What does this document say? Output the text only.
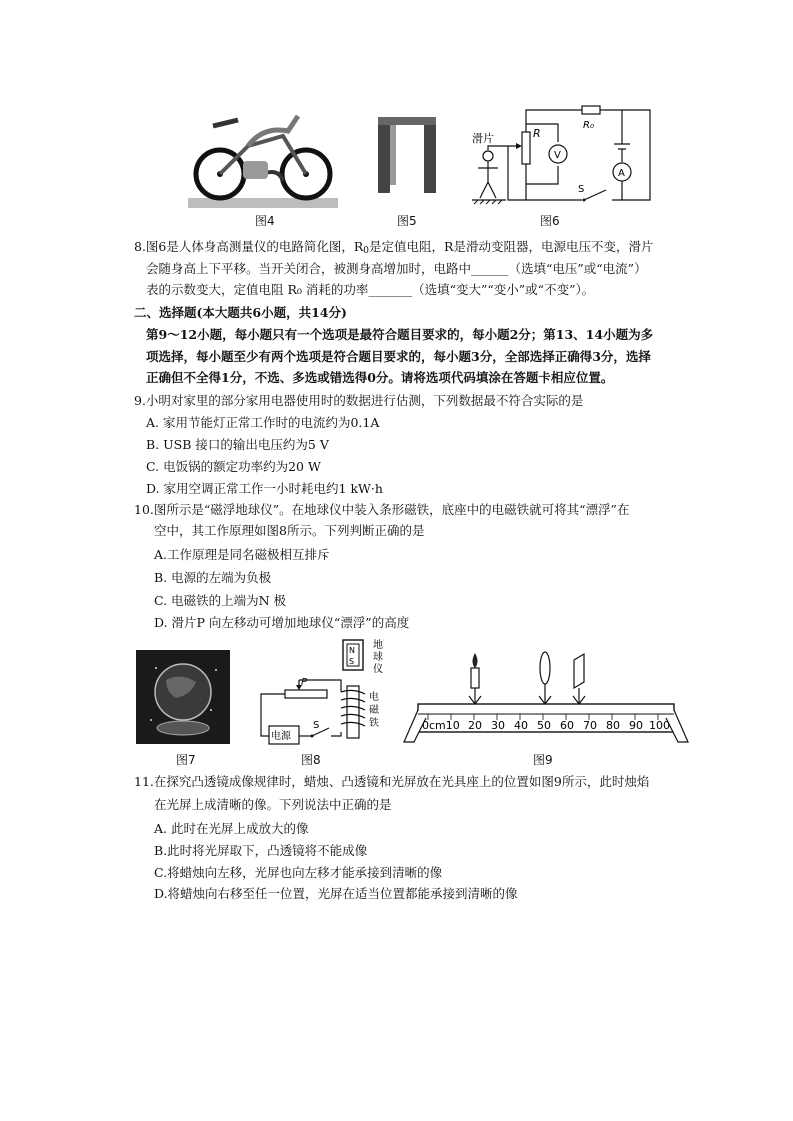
图4	图5
滑片	R
V
R₀
A
S
图6
8.图6是人体身高测量仪的电路简化图，$R_0$是定值电阻，R是滑动变阻器，电源电压不变，滑片
会随身高上下平移。当开关闭合，被测身高增加时，电路中______（选填“电压”或“电流”）
表的示数变大，定值电阻 R₀ 消耗的功率_______（选填“变大”“变小”或“不变”）。
二、选择题(本大题共6小题，共14分)
第9～12小题，每小题只有一个选项是最符合题目要求的，每小题2分；第13、14小题为多
项选择，每小题至少有两个选项是符合题目要求的，每小题3分，全部选择正确得3分，选择
正确但不全得1分，不选、多选或错选得0分。请将选项代码填涂在答题卡相应位置。
9.小明对家里的部分家用电器使用时的数据进行估测，下列数据最不符合实际的是
A. 家用节能灯正常工作时的电流约为0.1A
B. USB 接口的输出电压约为5 V
C. 电饭锅的额定功率约为20 W
D. 家用空调正常工作一小时耗电约1 kW·h
10.图所示是“磁浮地球仪”。在地球仪中装入条形磁铁，底座中的电磁铁就可将其“漂浮”在
空中，其工作原理如图8所示。下列判断正确的是
A.工作原理是同名磁极相互排斥
B. 电源的左端为负极
C. 电磁铁的上端为N 极
D. 滑片P 向左移动可增加地球仪“漂浮”的高度
图7
N
S
地
球
仪
电
磁
铁
P
电源
S
图8
0cm10 20 30 40 50 60 70 80 90 100
图9
11.在探究凸透镜成像规律时，蜡烛、凸透镜和光屏放在光具座上的位置如图9所示，此时烛焰
在光屏上成清晰的像。下列说法中正确的是
A. 此时在光屏上成放大的像
B.此时将光屏取下，凸透镜将不能成像
C.将蜡烛向左移，光屏也向左移才能承接到清晰的像
D.将蜡烛向右移至任一位置，光屏在适当位置都能承接到清晰的像
